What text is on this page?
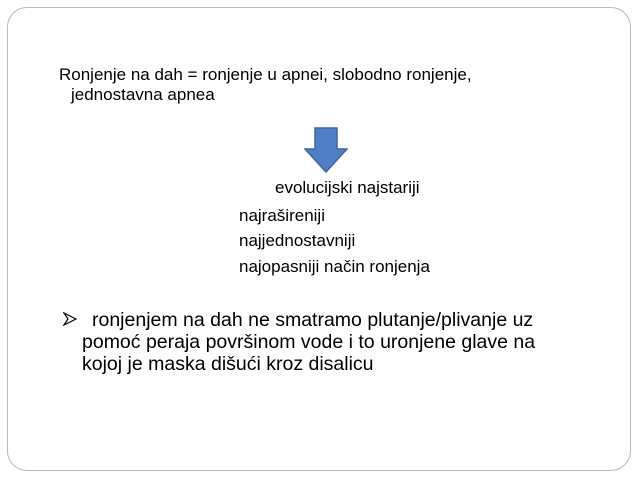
Ronjenje na dah = ronjenje u apnei, slobodno ronjenje,
jednostavna apnea
evolucijski najstariji
najrašireniji
najjednostavniji
najopasniji način ronjenja
ronjenjem na dah ne smatramo plutanje/plivanje uz
pomoć peraja površinom vode i to uronjene glave na
kojoj je maska dišući kroz disalicu
